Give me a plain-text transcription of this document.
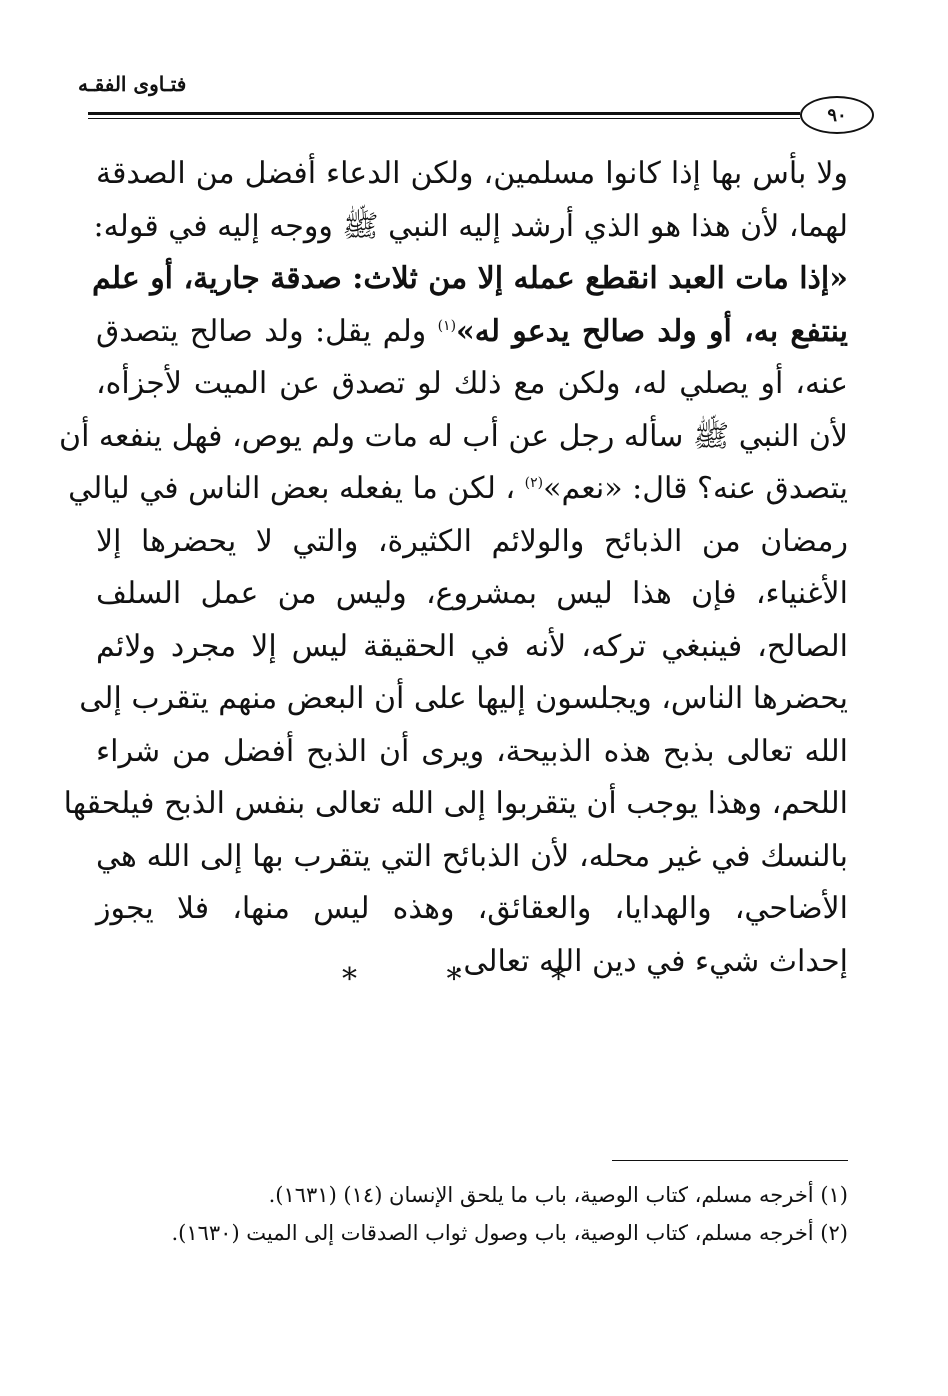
فتـاوى الفقـه
٩٠
ولا بأس بها إذا كانوا مسلمين، ولكن الدعاء أفضل من الصدقة
لهما، لأن هذا هو الذي أرشد إليه النبي ﷺ ووجه إليه في قوله:
«إذا مات العبد انقطع عمله إلا من ثلاث: صدقة جارية، أو علم
ينتفع به، أو ولد صالح يدعو له»$^{(١)}$ ولم يقل: ولد صالح يتصدق
عنه، أو يصلي له، ولكن مع ذلك لو تصدق عن الميت لأجزأه،
لأن النبي ﷺ سأله رجل عن أب له مات ولم يوص، فهل ينفعه أن
يتصدق عنه؟ قال: «نعم»$^{(٢)}$ ، لكن ما يفعله بعض الناس في ليالي
رمضان من الذبائح والولائم الكثيرة، والتي لا يحضرها إلا
الأغنياء، فإن هذا ليس بمشروع، وليس من عمل السلف
الصالح، فينبغي تركه، لأنه في الحقيقة ليس إلا مجرد ولائم
يحضرها الناس، ويجلسون إليها على أن البعض منهم يتقرب إلى
الله تعالى بذبح هذه الذبيحة، ويرى أن الذبح أفضل من شراء
اللحم، وهذا يوجب أن يتقربوا إلى الله تعالى بنفس الذبح فيلحقها
بالنسك في غير محله، لأن الذبائح التي يتقرب بها إلى الله هي
الأضاحي، والهدايا، والعقائق، وهذه ليس منها، فلا يجوز
إحداث شيء في دين الله تعالى.
* * *
(١) أخرجه مسلم، كتاب الوصية، باب ما يلحق الإنسان (١٤) (١٦٣١).
(٢) أخرجه مسلم، كتاب الوصية، باب وصول ثواب الصدقات إلى الميت (١٦٣٠).
